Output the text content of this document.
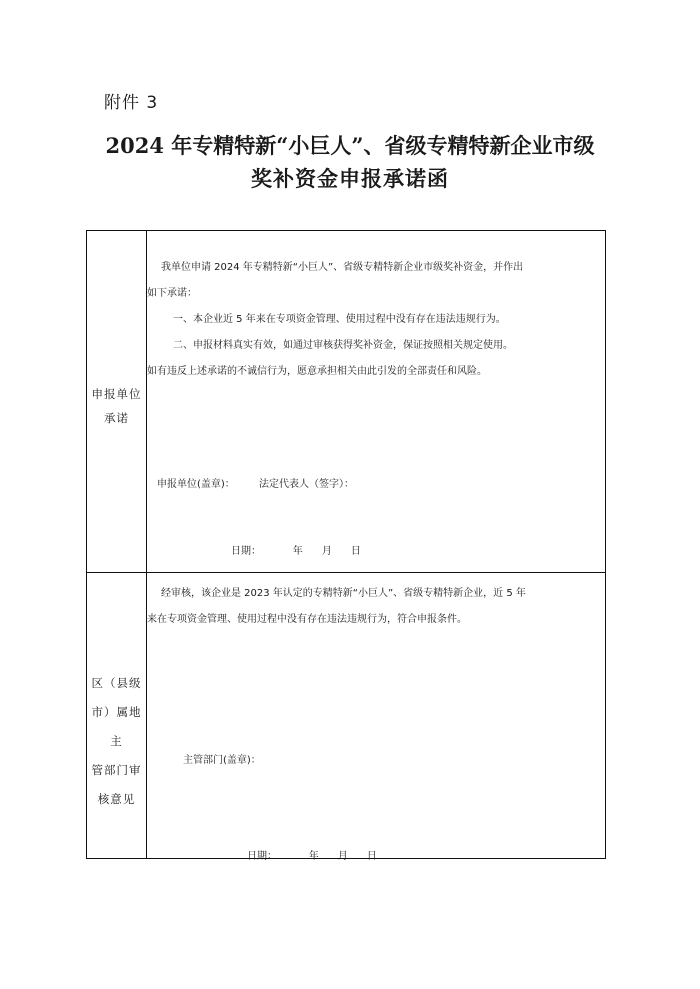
附件 3
2024 年专精特新“小巨人”、省级专精特新企业市级
奖补资金申报承诺函
申报单位
承诺
我单位申请 2024 年专精特新“小巨人”、省级专精特新企业市级奖补资金，并作出
如下承诺：
一、本企业近 5 年来在专项资金管理、使用过程中没有存在违法违规行为。
二、申报材料真实有效，如通过审核获得奖补资金，保证按照相关规定使用。
如有违反上述承诺的不诚信行为，愿意承担相关由此引发的全部责任和风险。
申报单位(盖章)： 法定代表人（签字）：
日期：          年      月      日
区（县级
市）属地主
管部门审
核意见
经审核，该企业是 2023 年认定的专精特新“小巨人”、省级专精特新企业，近 5 年
来在专项资金管理、使用过程中没有存在违法违规行为，符合申报条件。
主管部门(盖章)：
日期：          年      月      日
